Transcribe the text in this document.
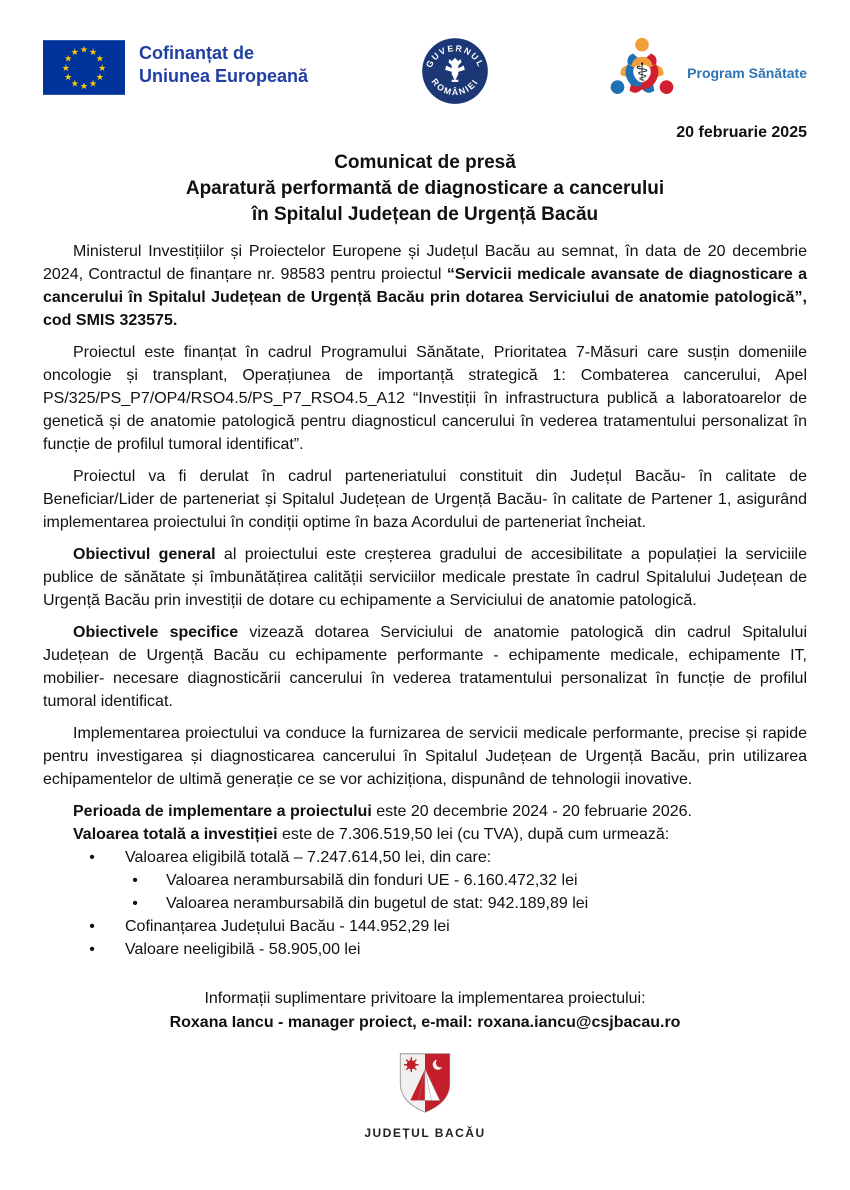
★ ★
★
★
★
★
★
★
★
★
★
★	Cofinanțat de
Uniunea Europeană
GUVERNUL
ROMÂNIEI	⚕	Program Sănătate
20 februarie 2025
Comunicat de presă
Aparatură performantă de diagnosticare a cancerului
în Spitalul Județean de Urgență Bacău

Ministerul Investițiilor și Proiectelor Europene și Județul Bacău au semnat, în data de 20 decembrie 2024, Contractul de finanțare nr. 98583 pentru proiectul “Servicii medicale avansate de diagnosticare a cancerului în Spitalul Județean de Urgență Bacău prin dotarea Serviciului de anatomie patologică”, cod SMIS 323575.

Proiectul este finanțat în cadrul Programului Sănătate, Prioritatea 7-Măsuri care susțin domeniile oncologie și transplant, Operațiunea de importanță strategică 1: Combaterea cancerului, Apel PS/325/PS_P7/OP4/RSO4.5/PS_P7_RSO4.5_A12 “Investiții în infrastructura publică a laboratoarelor de genetică și de anatomie patologică pentru diagnosticul cancerului în vederea tratamentului personalizat în funcție de profilul tumoral identificat”.

Proiectul va fi derulat în cadrul parteneriatului constituit din Județul Bacău- în calitate de Beneficiar/Lider de parteneriat și Spitalul Județean de Urgență Bacău- în calitate de Partener 1, asigurând implementarea proiectului în condiții optime în baza Acordului de parteneriat încheiat.

Obiectivul general al proiectului este creșterea gradului de accesibilitate a populației la serviciile publice de sănătate și îmbunătățirea calității serviciilor medicale prestate în cadrul Spitalului Județean de Urgență Bacău prin investiții de dotare cu echipamente a Serviciului de anatomie patologică.

Obiectivele specifice vizează dotarea Serviciului de anatomie patologică din cadrul Spitalului Județean de Urgență Bacău cu echipamente performante - echipamente medicale, echipamente IT, mobilier- necesare diagnosticării cancerului în vederea tratamentului personalizat în funcție de profilul tumoral identificat.

Implementarea proiectului va conduce la furnizarea de servicii medicale performante, precise și rapide pentru investigarea și diagnosticarea cancerului în Spitalul Județean de Urgență Bacău, prin utilizarea echipamentelor de ultimă generație ce se vor achiziționa, dispunând de tehnologii inovative.

Perioada de implementare a proiectului este 20 decembrie 2024 - 20 februarie 2026.

Valoarea totală a investiției este de 7.306.519,50 lei (cu TVA), după cum urmează:

• Valoarea eligibilă totală – 7.247.614,50 lei, din care:
• Valoarea nerambursabilă din fonduri UE - 6.160.472,32 lei
• Valoarea nerambursabilă din bugetul de stat: 942.189,89 lei
• Cofinanțarea Județului Bacău - 144.952,29 lei
• Valoare neeligibilă - 58.905,00 lei
Informații suplimentare privitoare la implementarea proiectului:
Roxana Iancu - manager proiect, e-mail: roxana.iancu@csjbacau.ro
JUDEȚUL BACĂU
